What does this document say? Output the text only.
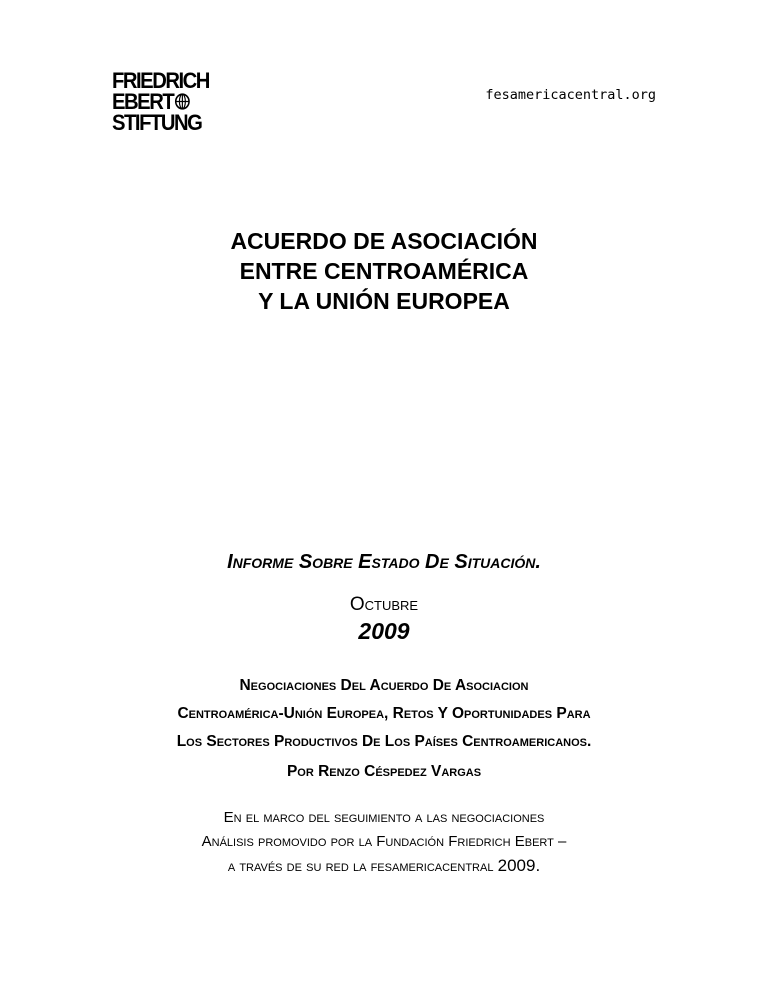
FRIEDRICH
EBERT
STIFTUNG
fesamericacentral.org
ACUERDO DE ASOCIACIÓN
ENTRE CENTROAMÉRICA
Y LA UNIÓN EUROPEA
Informe Sobre Estado De Situación.
Octubre
2009
Negociaciones Del Acuerdo De Asociacion
Centroamérica-Unión Europea, Retos Y Oportunidades Para
Los Sectores Productivos De Los Países Centroamericanos.
Por Renzo Céspedez Vargas
En el marco del seguimiento a las negociaciones
Análisis promovido por la Fundación Friedrich Ebert –
a través de su red la fesamericacentral 2009.
